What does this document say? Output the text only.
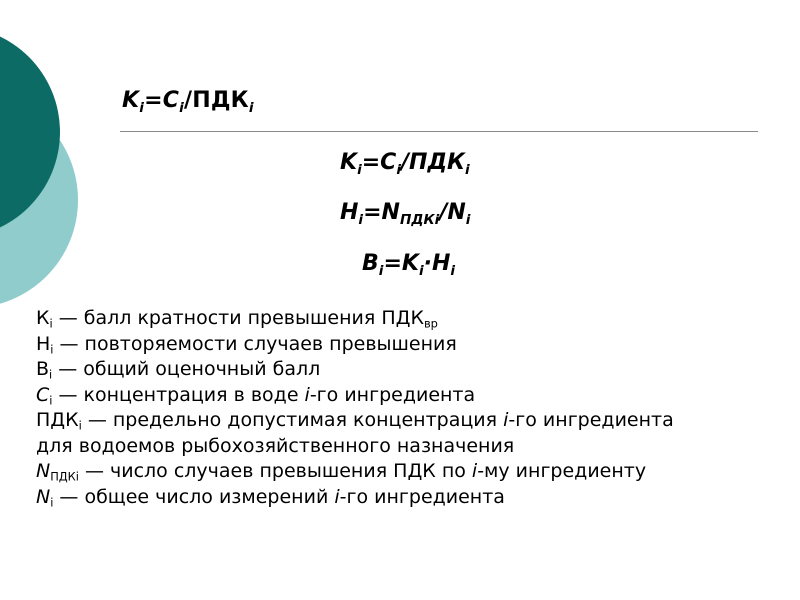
$K_i=C_i/ПДК_i$
$K_i=C_i/ПДК_i$
$H_i=N_{ПДКi}/N_i$
$B_i=K_i\cdot H_i$
$К_i$ — балл кратности превышения $ПДК_{вр}$
$Н_i$ — повторяемости случаев превышения
$В_i$ — общий оценочный балл
$С_i$ — концентрация в воде i-го ингредиента
$ПДК_i$ — предельно допустимая концентрация i-го ингредиента
для водоемов рыбохозяйственного назначения
$N_{ПДКi}$ — число случаев превышения ПДК по i-му ингредиенту
$N_i$ — общее число измерений i-го ингредиента
